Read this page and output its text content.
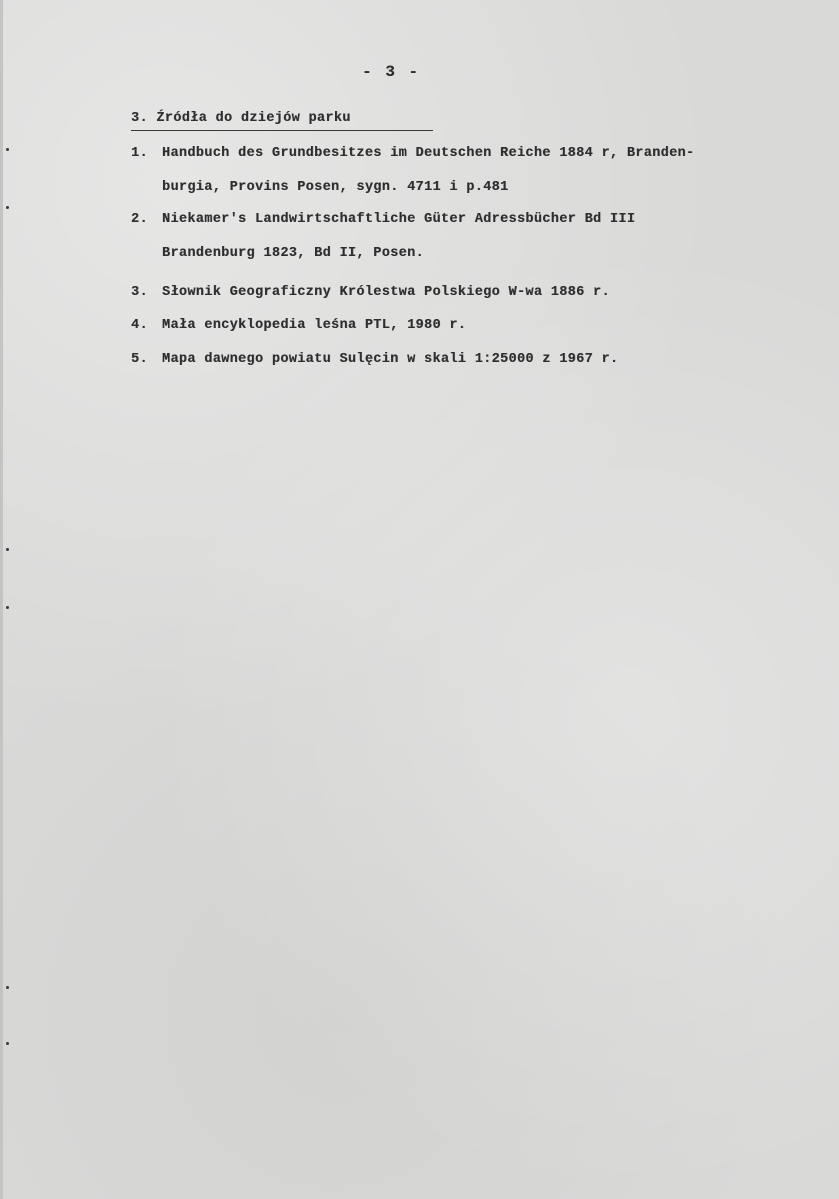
- 3 -
3. Źródła do dziejów parku
1. Handbuch des Grundbesitzes im Deutschen Reiche 1884 r, Branden-
burgia, Provins Posen, sygn. 4711 i p.481
2. Niekamer's Landwirtschaftliche Güter Adressbücher Bd III
Brandenburg 1823, Bd II, Posen.
3. Słownik Geograficzny Królestwa Polskiego W-wa 1886 r.
4. Mała encyklopedia leśna PTL, 1980 r.
5. Mapa dawnego powiatu Sulęcin w skali 1:25000 z 1967 r.
